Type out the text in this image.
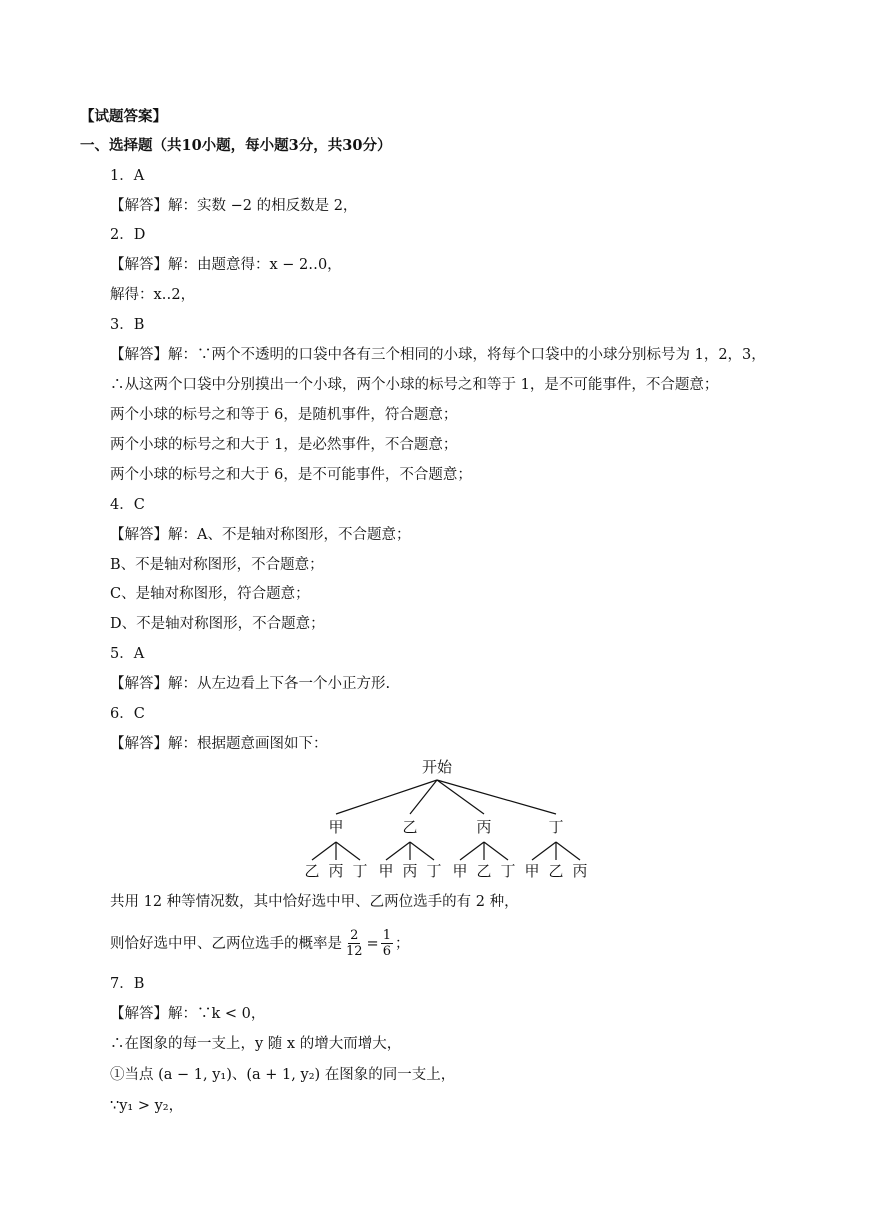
【试题答案】
一、选择题（共10小题，每小题3分，共30分）
1．A
【解答】解：实数 −2 的相反数是 2，
2．D
【解答】解：由题意得：x − 2‥0，
解得：x‥2，
3．B
【解答】解：∵两个不透明的口袋中各有三个相同的小球，将每个口袋中的小球分别标号为 1，2，3，
∴从这两个口袋中分别摸出一个小球，两个小球的标号之和等于 1，是不可能事件，不合题意；
两个小球的标号之和等于 6，是随机事件，符合题意；
两个小球的标号之和大于 1，是必然事件，不合题意；
两个小球的标号之和大于 6，是不可能事件，不合题意；
4．C
【解答】解：A、不是轴对称图形，不合题意；
B、不是轴对称图形，不合题意；
C、是轴对称图形，符合题意；
D、不是轴对称图形，不合题意；
5．A
【解答】解：从左边看上下各一个小正方形.
6．C
【解答】解：根据题意画图如下：
开始
甲
乙 丙 丁
乙
甲 丙 丁
丙
甲 乙 丁
丁
甲 乙 丙
共用 12 种等情况数，其中恰好选中甲、乙两位选手的有 2 种，
则恰好选中甲、乙两位选手的概率是 $\frac{2}{12} = \frac{1}{6}$ ；
7．B
【解答】解：∵k < 0，
∴在图象的每一支上，y 随 x 的增大而增大，
①当点 (a − 1, y₁)、(a + 1, y₂) 在图象的同一支上，
∵y₁ > y₂，
